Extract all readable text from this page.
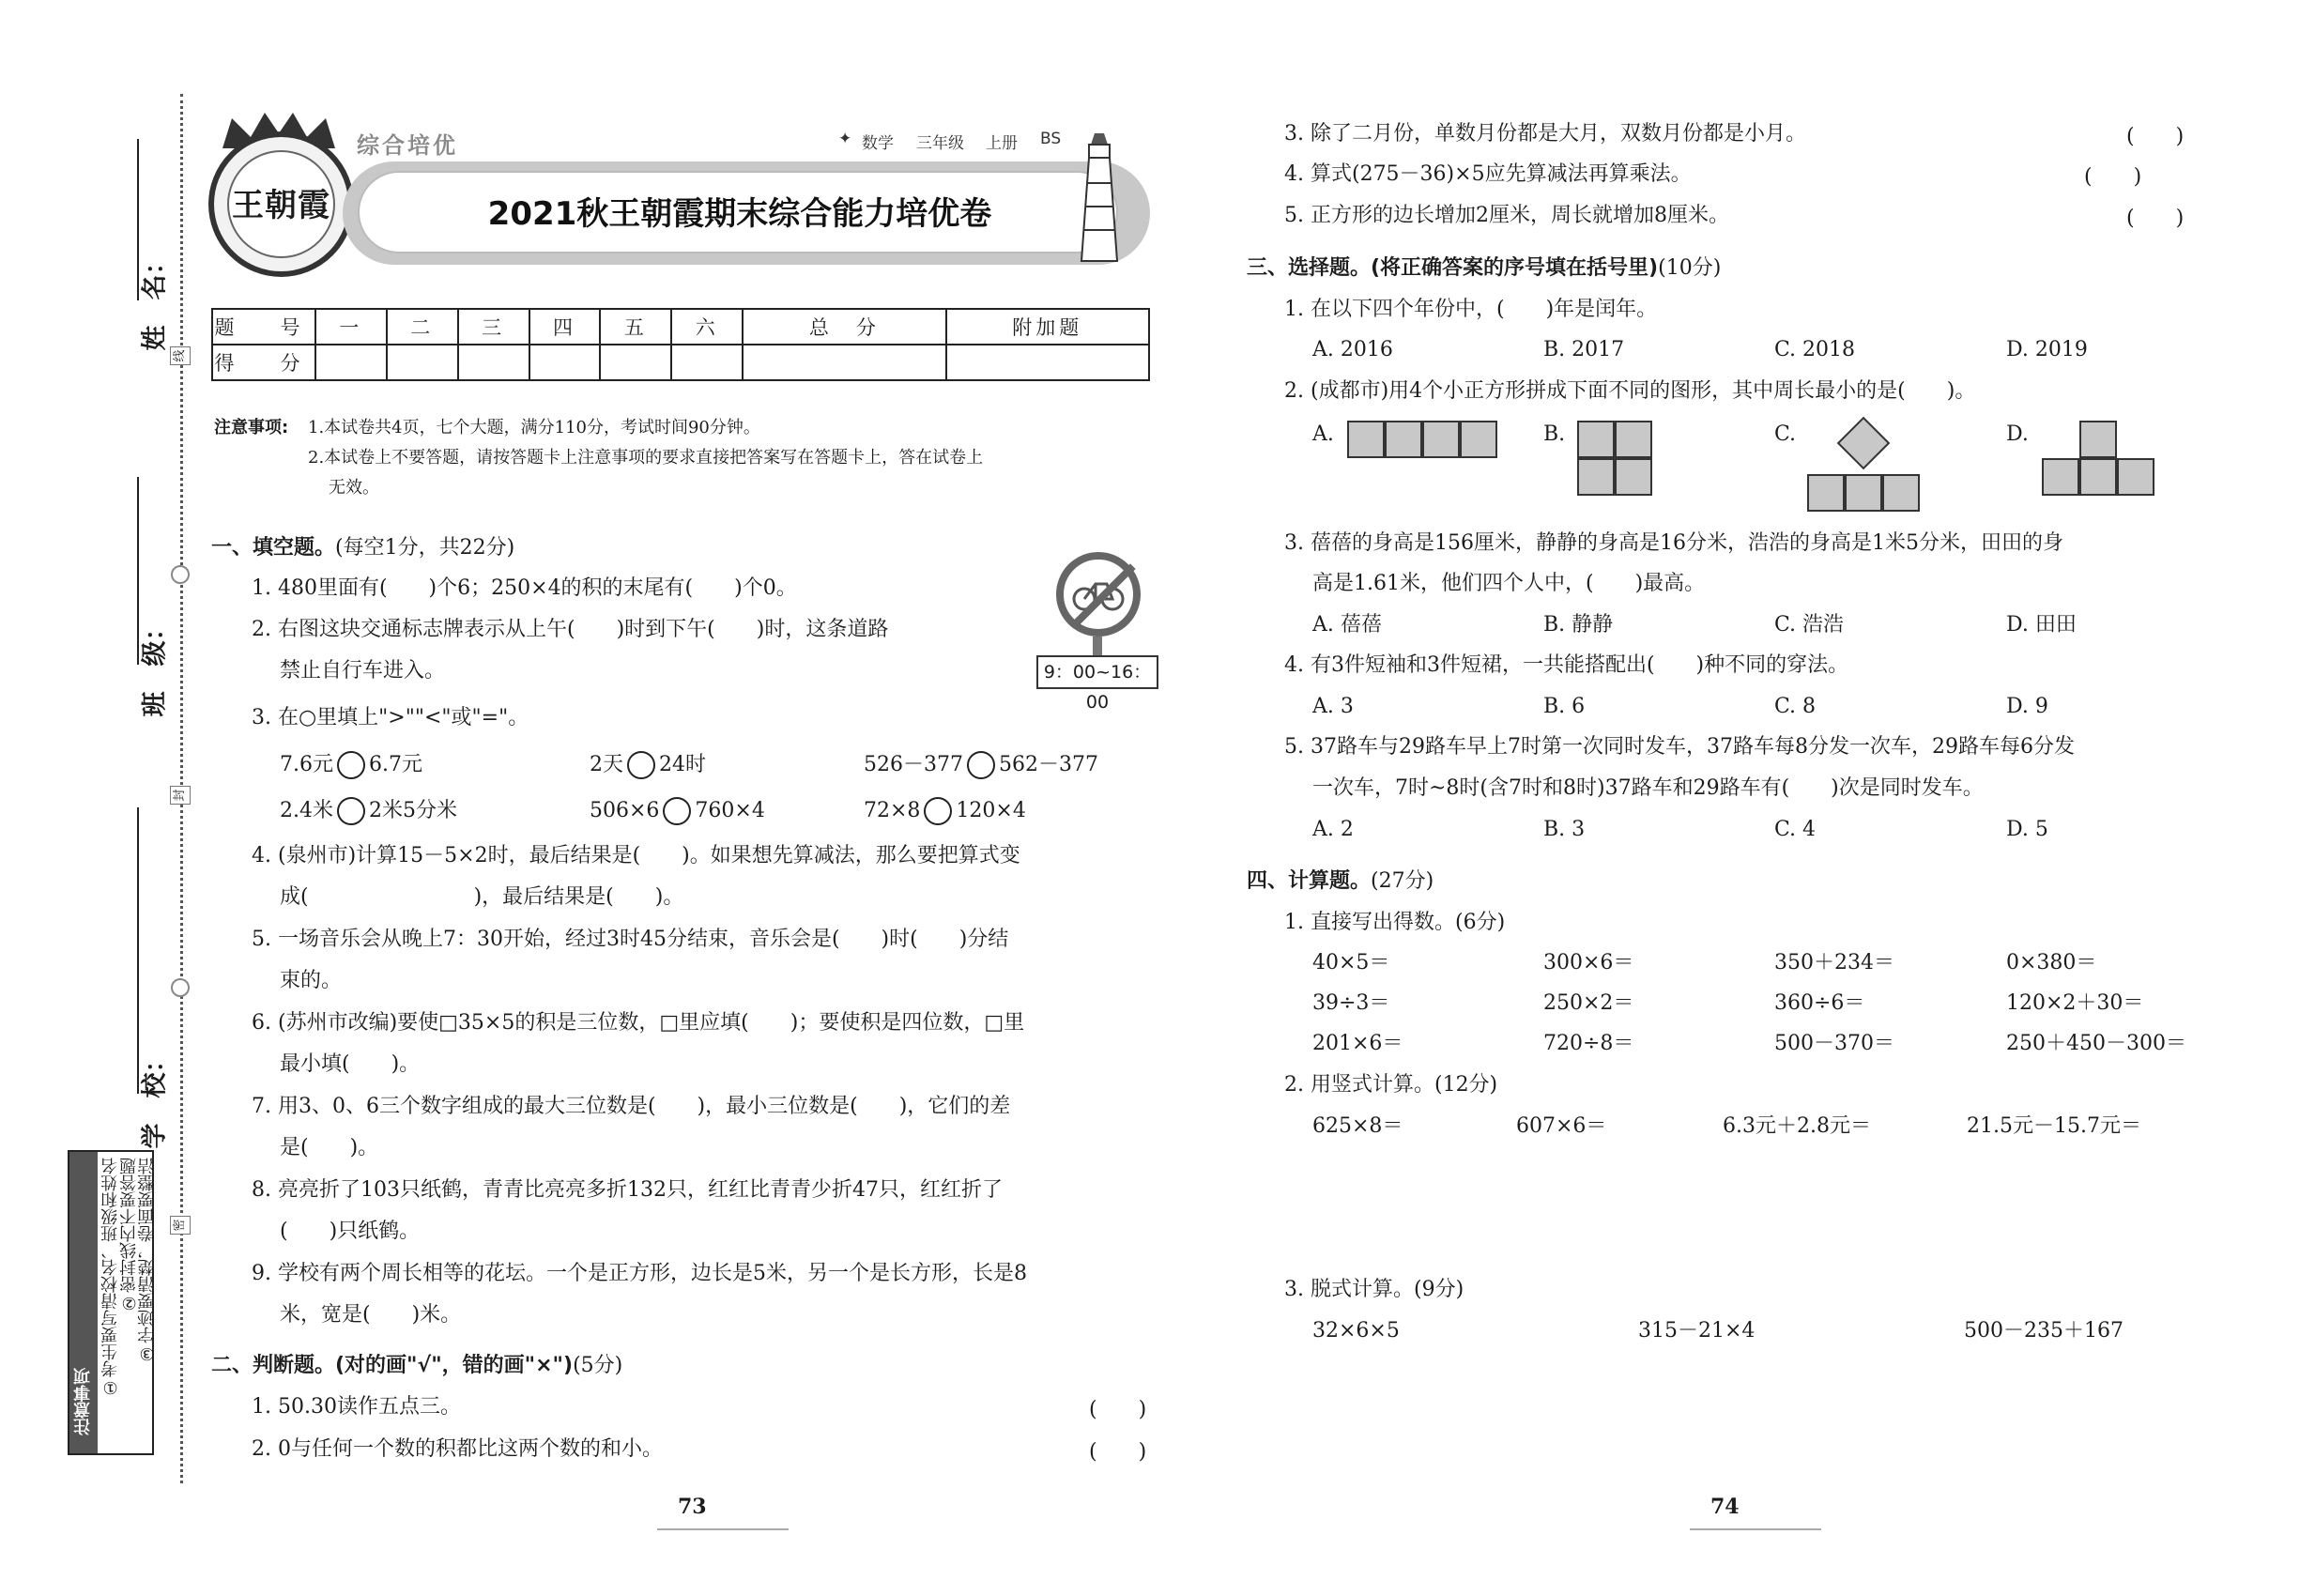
姓　名：
班　级：
学　校：
线
封
密
注意事项
①考生要写清校名、班级和姓名 ②密封线内不要答题
③字迹要清楚，卷面要整洁
王朝霞
综合培优	✦ 数学 三年级 上册 BS
2021秋王朝霞期末综合能力培优卷
题　号	一	二	三	四	五	六	总　分	附加题
得　分								
注意事项: 1.本试卷共4页，七个大题，满分110分，考试时间90分钟。
2.本试卷上不要答题，请按答题卡上注意事项的要求直接把答案写在答题卡上，答在试卷上
无效。
一、填空题。(每空1分，共22分)
1. 480里面有(　　)个6；250×4的积的末尾有(　　)个0。
2. 右图这块交通标志牌表示从上午(　　)时到下午(　　)时，这条道路
禁止自行车进入。	9：00~16：00
3. 在○里填上">""<"或"="。
7.6元 6.7元	2天 24时	526－377 562－377
2.4米 2米5分米	506×6 760×4	72×8 120×4
4. (泉州市)计算15－5×2时，最后结果是(　　)。如果想先算减法，那么要把算式变
成(　　　　　　　　)，最后结果是(　　)。
5. 一场音乐会从晚上7：30开始，经过3时45分结束，音乐会是(　　)时(　　)分结
束的。
6. (苏州市改编)要使□35×5的积是三位数，□里应填(　　)；要使积是四位数，□里
最小填(　　)。
7. 用3、0、6三个数字组成的最大三位数是(　　)，最小三位数是(　　)，它们的差
是(　　)。
8. 亮亮折了103只纸鹤，青青比亮亮多折132只，红红比青青少折47只，红红折了
(　　)只纸鹤。
9. 学校有两个周长相等的花坛。一个是正方形，边长是5米，另一个是长方形，长是8
米，宽是(　　)米。
二、判断题。(对的画"√"，错的画"×")(5分)
1. 50.30读作五点三。	(　　)
2. 0与任何一个数的积都比这两个数的和小。	(　　)
73
3. 除了二月份，单数月份都是大月，双数月份都是小月。	(　　)
4. 算式(275－36)×5应先算减法再算乘法。	(　　)
5. 正方形的边长增加2厘米，周长就增加8厘米。	(　　)
三、选择题。(将正确答案的序号填在括号里)(10分)
1. 在以下四个年份中，(　　)年是闰年。
A. 2016	B. 2017	C. 2018	D. 2019
2. (成都市)用4个小正方形拼成下面不同的图形，其中周长最小的是(　　)。
A.	B.	C.	D.
3. 蓓蓓的身高是156厘米，静静的身高是16分米，浩浩的身高是1米5分米，田田的身
高是1.61米，他们四个人中，(　　)最高。
A. 蓓蓓	B. 静静	C. 浩浩	D. 田田
4. 有3件短袖和3件短裙，一共能搭配出(　　)种不同的穿法。
A. 3	B. 6	C. 8	D. 9
5. 37路车与29路车早上7时第一次同时发车，37路车每8分发一次车，29路车每6分发
一次车，7时~8时(含7时和8时)37路车和29路车有(　　)次是同时发车。
A. 2	B. 3	C. 4	D. 5
四、计算题。(27分)
1. 直接写出得数。(6分)
40×5＝	300×6＝	350＋234＝	0×380＝
39÷3＝	250×2＝	360÷6＝	120×2＋30＝
201×6＝	720÷8＝	500－370＝	250＋450－300＝
2. 用竖式计算。(12分)
625×8＝	607×6＝	6.3元＋2.8元＝	21.5元－15.7元＝
3. 脱式计算。(9分)
32×6×5	315－21×4	500－235＋167
74
